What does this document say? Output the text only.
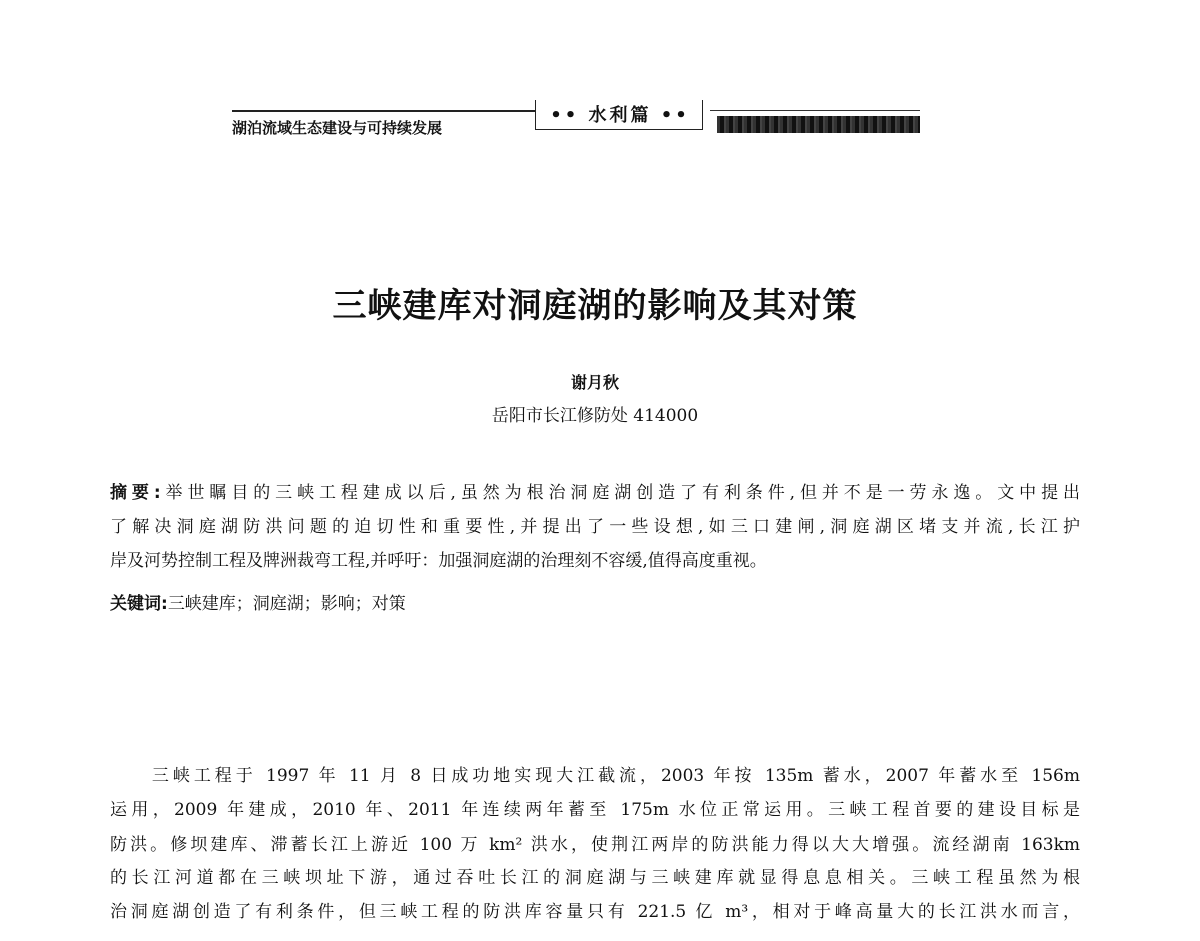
湖泊流域生态建设与可持续发展
•• 水利篇 ••
三峡建库对洞庭湖的影响及其对策
谢月秋
岳阳市长江修防处 414000
摘要:举世瞩目的三峡工程建成以后,虽然为根治洞庭湖创造了有利条件,但并不是一劳永逸。文中提出
了解决洞庭湖防洪问题的迫切性和重要性,并提出了一些设想,如三口建闸,洞庭湖区堵支并流,长江护
岸及河势控制工程及牌洲裁弯工程,并呼吁：加强洞庭湖的治理刻不容缓,值得高度重视。
关键词:三峡建库；洞庭湖；影响；对策
　　三峡工程于 1997 年 11 月 8 日成功地实现大江截流，2003 年按 135m 蓄水，2007 年蓄水至 156m
运用，2009 年建成，2010 年、2011 年连续两年蓄至 175m 水位正常运用。三峡工程首要的建设目标是
防洪。修坝建库、滞蓄长江上游近 100 万 km² 洪水，使荆江两岸的防洪能力得以大大增强。流经湖南 163km
的长江河道都在三峡坝址下游，通过吞吐长江的洞庭湖与三峡建库就显得息息相关。三峡工程虽然为根
治洞庭湖创造了有利条件，但三峡工程的防洪库容量只有 221.5 亿 m³，相对于峰高量大的长江洪水而言，
